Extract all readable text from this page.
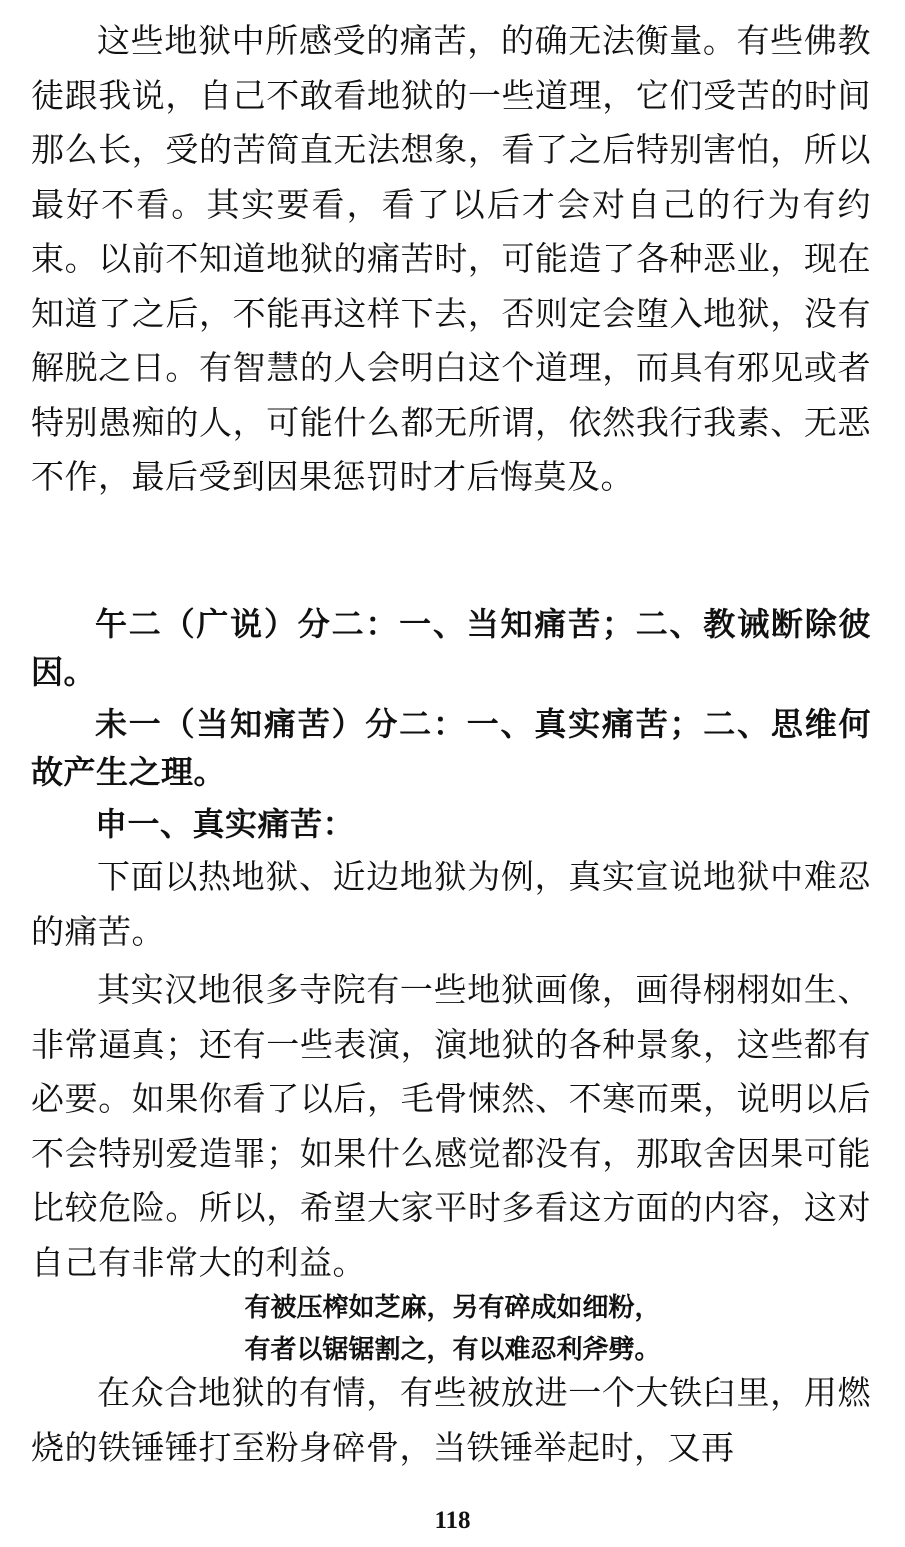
这些地狱中所感受的痛苦，的确无法衡量。有些佛教徒跟我说，自己不敢看地狱的一些道理，它们受苦的时间那么长，受的苦简直无法想象，看了之后特别害怕，所以最好不看。其实要看，看了以后才会对自己的行为有约束。以前不知道地狱的痛苦时，可能造了各种恶业，现在知道了之后，不能再这样下去，否则定会堕入地狱，没有解脱之日。有智慧的人会明白这个道理，而具有邪见或者特别愚痴的人，可能什么都无所谓，依然我行我素、无恶不作，最后受到因果惩罚时才后悔莫及。

午二（广说）分二：一、当知痛苦；二、教诫断除彼因。

未一（当知痛苦）分二：一、真实痛苦；二、思维何故产生之理。

申一、真实痛苦：

下面以热地狱、近边地狱为例，真实宣说地狱中难忍的痛苦。

其实汉地很多寺院有一些地狱画像，画得栩栩如生、非常逼真；还有一些表演，演地狱的各种景象，这些都有必要。如果你看了以后，毛骨悚然、不寒而栗，说明以后不会特别爱造罪；如果什么感觉都没有，那取舍因果可能比较危险。所以，希望大家平时多看这方面的内容，这对自己有非常大的利益。

有被压榨如芝麻，另有碎成如细粉，
有者以锯锯割之，有以难忍利斧劈。

在众合地狱的有情，有些被放进一个大铁臼里，用燃烧的铁锤锤打至粉身碎骨，当铁锤举起时，又再

118
